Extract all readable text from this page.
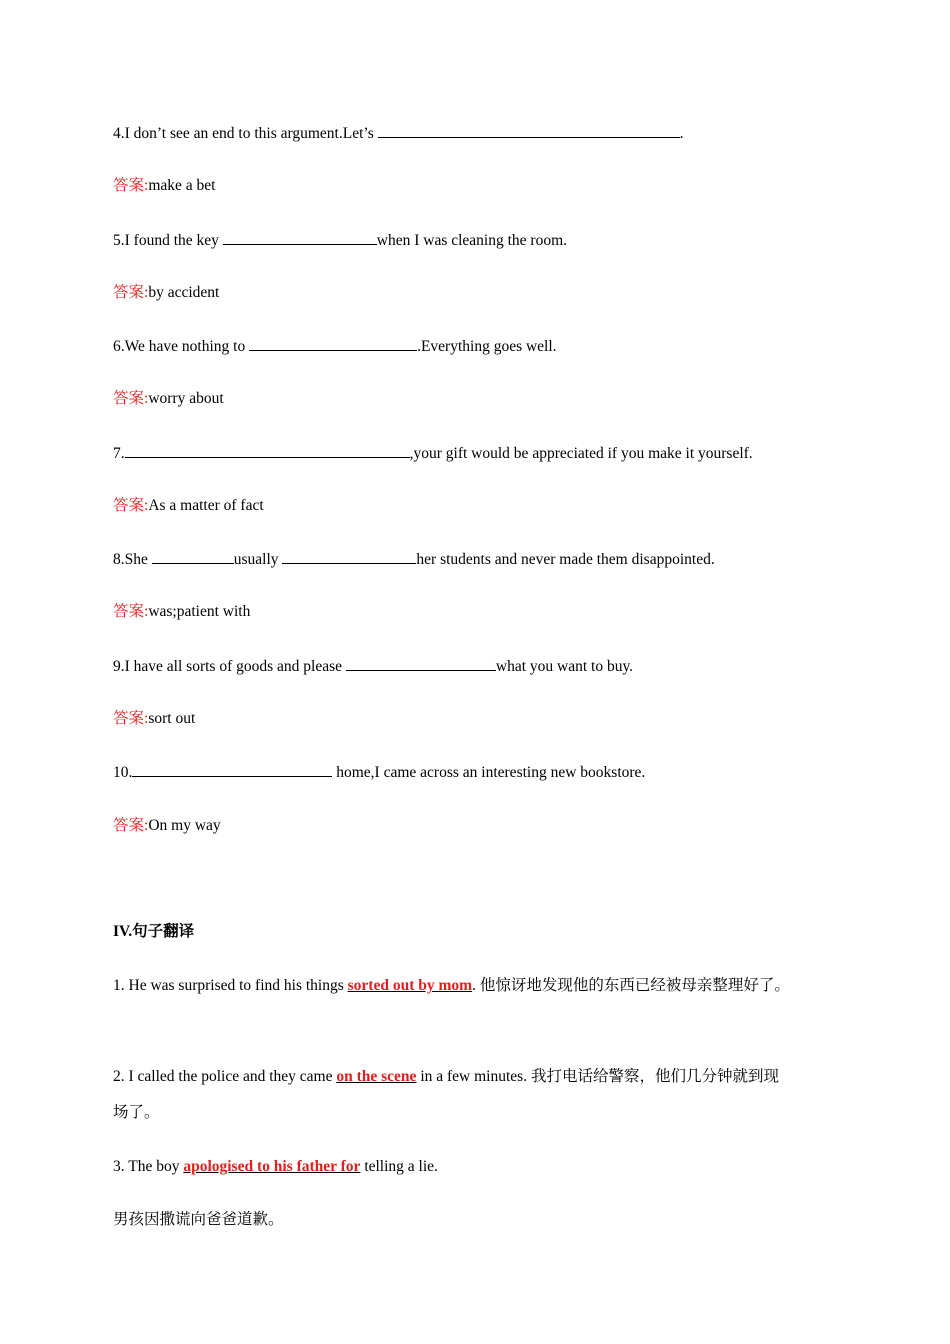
4.I don’t see an end to this argument.Let’s	.
答案:make a bet
5.I found the key	when I was cleaning the room.
答案:by accident
6.We have nothing to	.Everything goes well.
答案:worry about
7.	,your gift would be appreciated if you make it yourself.
答案:As a matter of fact
8.She	usually	her students and never made them disappointed.
答案:was;patient with
9.I have all sorts of goods and please	what you want to buy.
答案:sort out
10.	home,I came across an interesting new bookstore.
答案:On my way
IV.句子翻译
1. He was surprised to find his things sorted out by mom. 他惊讶地发现他的东西已经被母亲整理好了。
2. I called the police and they came on the scene in a few minutes. 我打电话给警察，他们几分钟就到现
场了。
3. The boy apologised to his father for telling a lie.
男孩因撒谎向爸爸道歉。
